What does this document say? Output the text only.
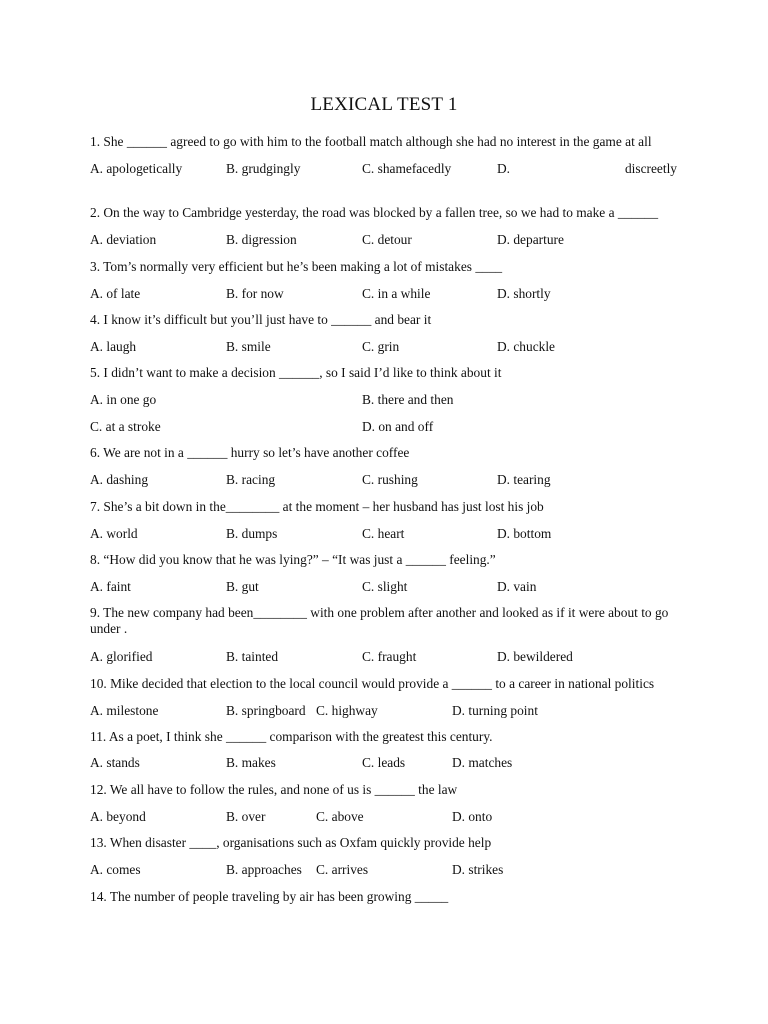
LEXICAL TEST 1
1. She ______ agreed to go with him to the football match although she had no interest in the game at all
A. apologetically	B. grudgingly	C. shamefacedly	D.	discreetly
2. On the way to Cambridge yesterday, the road was blocked by a fallen tree, so we had to make a ______
A. deviation	B. digression	C. detour	D. departure
3. Tom’s normally very efficient but he’s been making a lot of mistakes ____
A. of late	B. for now	C. in a while	D. shortly
4. I know it’s difficult but you’ll just have to ______ and bear it
A. laugh	B. smile	C. grin	D. chuckle
5. I didn’t want to make a decision ______, so I said I’d like to think about it
A. in one go	B. there and then
C. at a stroke	D. on and off
6. We are not in a ______ hurry so let’s have another coffee
A. dashing	B. racing	C. rushing	D. tearing
7. She’s a bit down in the________ at the moment – her husband has just lost his job
A. world	B. dumps	C. heart	D. bottom
8. “How did you know that he was lying?” – “It was just a ______ feeling.”
A. faint	B. gut	C. slight	D. vain
9. The new company had been________ with one problem after another and looked as if it were about to go under .
A. glorified	B. tainted	C. fraught	D. bewildered
10. Mike decided that election to the local council would provide a ______ to a career in national politics
A. milestone	B. springboard C. highway	D. turning point
11. As a poet, I think she ______ comparison with the greatest this century.
A. stands	B. makes	C. leads	D. matches
12. We all have to follow the rules, and none of us is ______ the law
A. beyond	B. over	C. above	D. onto
13. When disaster ____, organisations such as Oxfam quickly provide help
A. comes	B. approaches C. arrives	D. strikes
14. The number of people traveling by air has been growing _____
